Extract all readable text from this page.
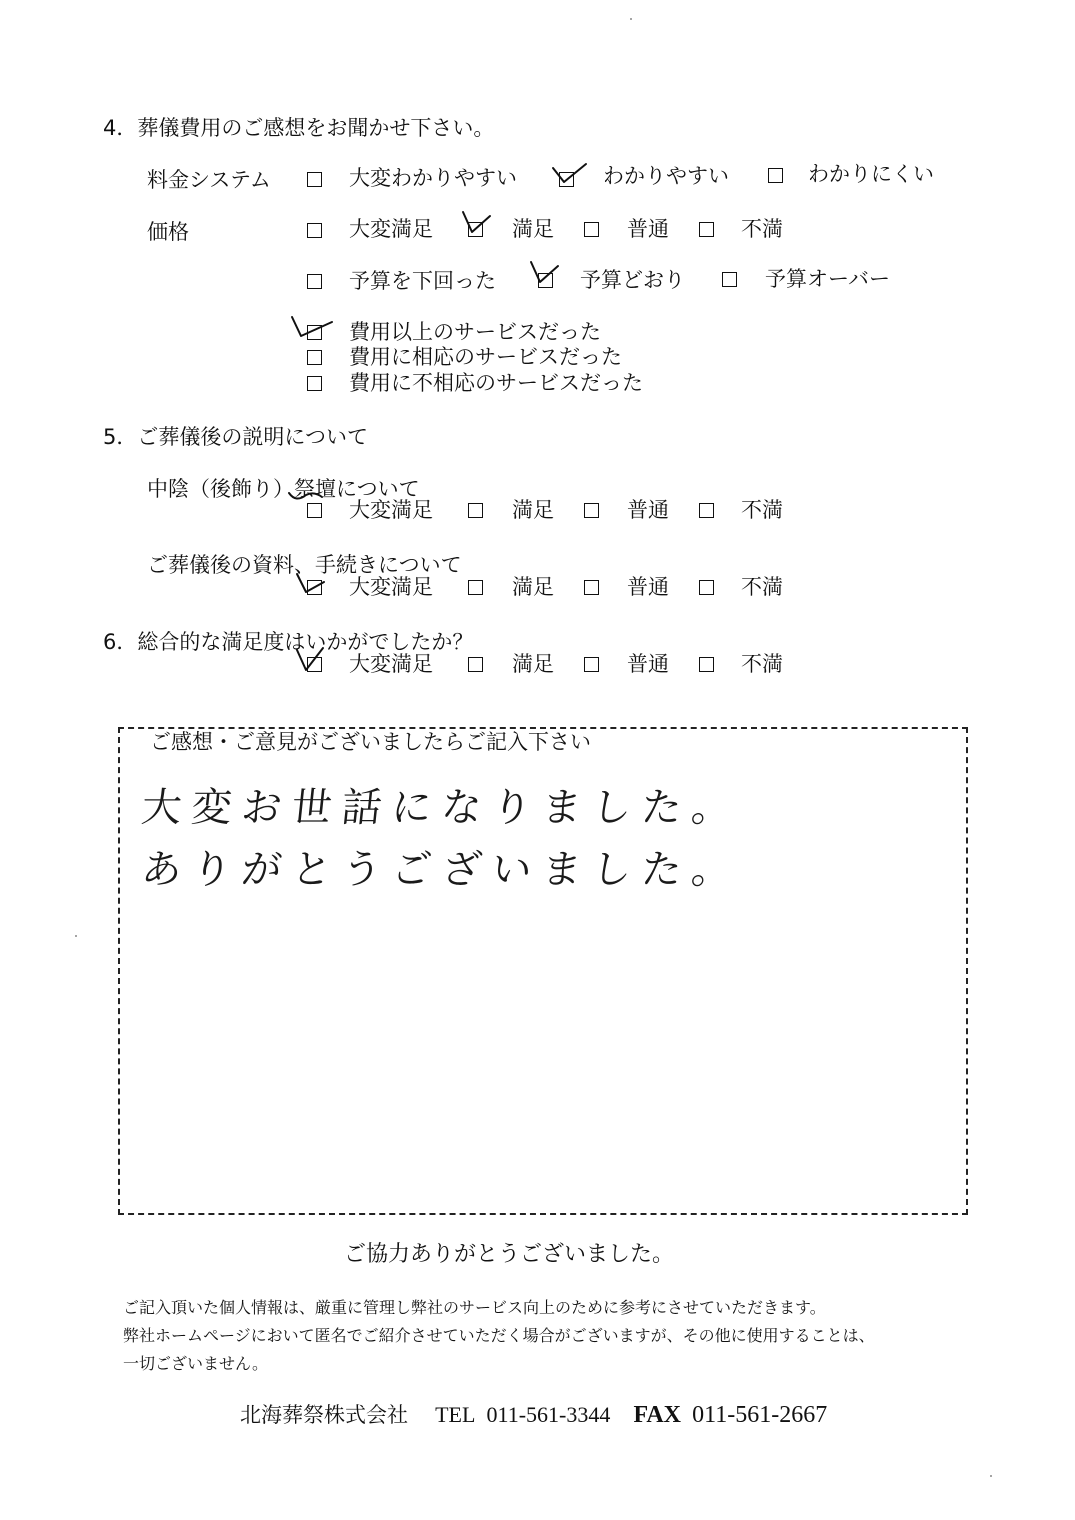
4．葬儀費用のご感想をお聞かせ下さい。
料金システム	大変わかりやすい	わかりやすい	わかりにくい
価格	大変満足	満足	普通	不満
予算を下回った	予算どおり	予算オーバー
費用以上のサービスだった
費用に相応のサービスだった
費用に不相応のサービスだった
5．ご葬儀後の説明について
中陰（後飾り）祭壇について
大変満足	満足	普通	不満
ご葬儀後の資料、手続きについて
大変満足	満足	普通	不満
6．総合的な満足度はいかがでしたか？
大変満足	満足	普通	不満
ご感想・ご意見がございましたらご記入下さい
大変お世話になりました。
ありがとうございました。
ご協力ありがとうございました。
ご記入頂いた個人情報は、厳重に管理し弊社のサービス向上のために参考にさせていただきます。
弊社ホームページにおいて匿名でご紹介させていただく場合がございますが、その他に使用することは、
一切ございません。
北海葬祭株式会社 TEL 011-561-3344 FAX 011-561-2667
